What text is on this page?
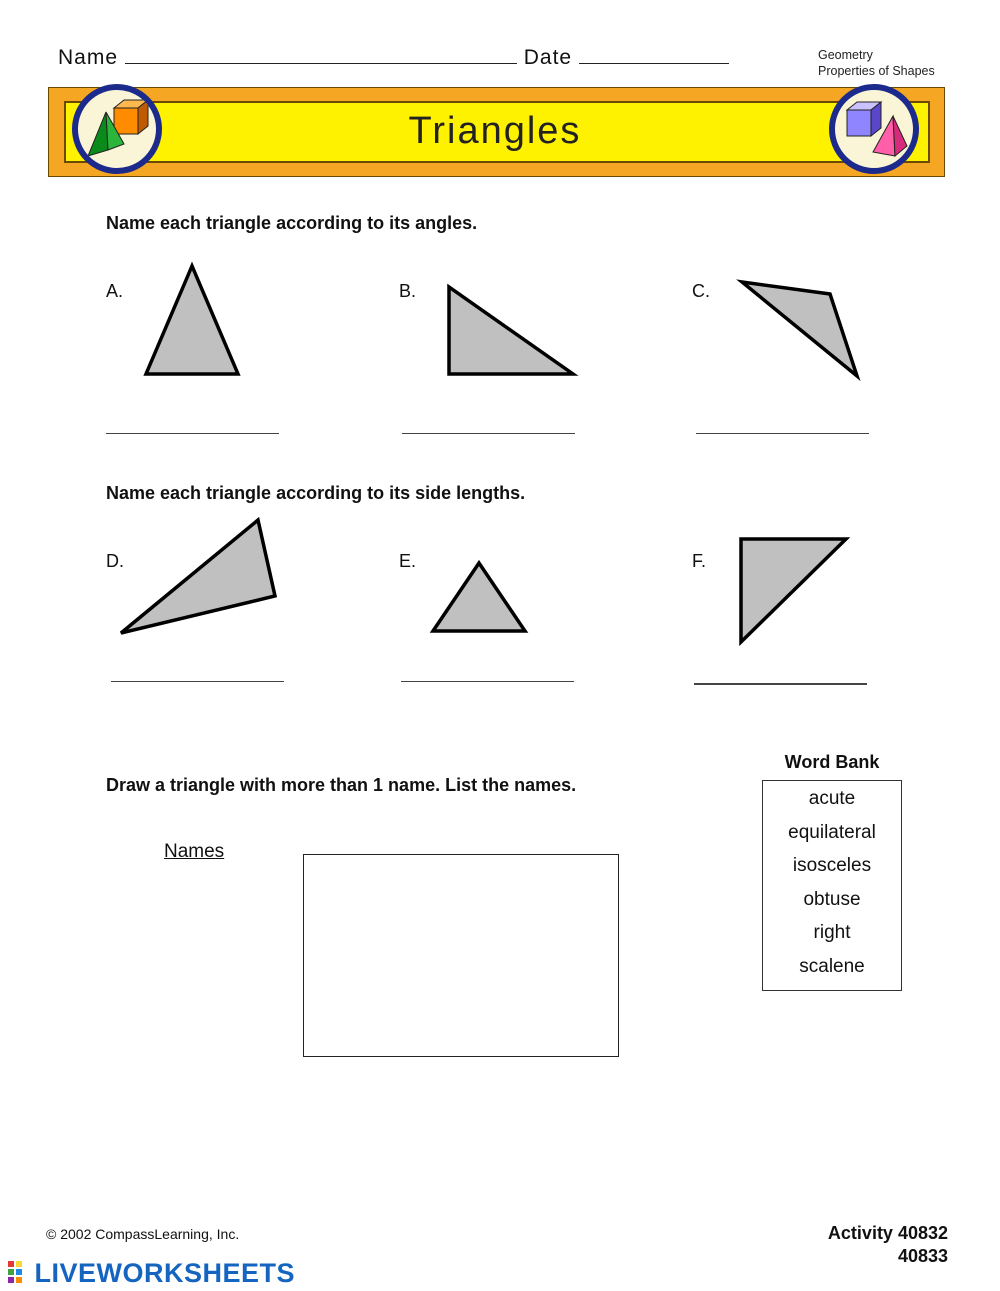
Name	Date	Geometry
Properties of Shapes
Triangles
Name each triangle according to its angles.
A.	B.	C.
Name each triangle according to its side lengths.
D.	E.	F.
Word Bank
acute
equilateral
isosceles
obtuse
right
scalene
Draw a triangle with more than 1 name. List the names.
Names
© 2002 CompassLearning, Inc.	Activity 40832
40833
LIVEWORKSHEETS
